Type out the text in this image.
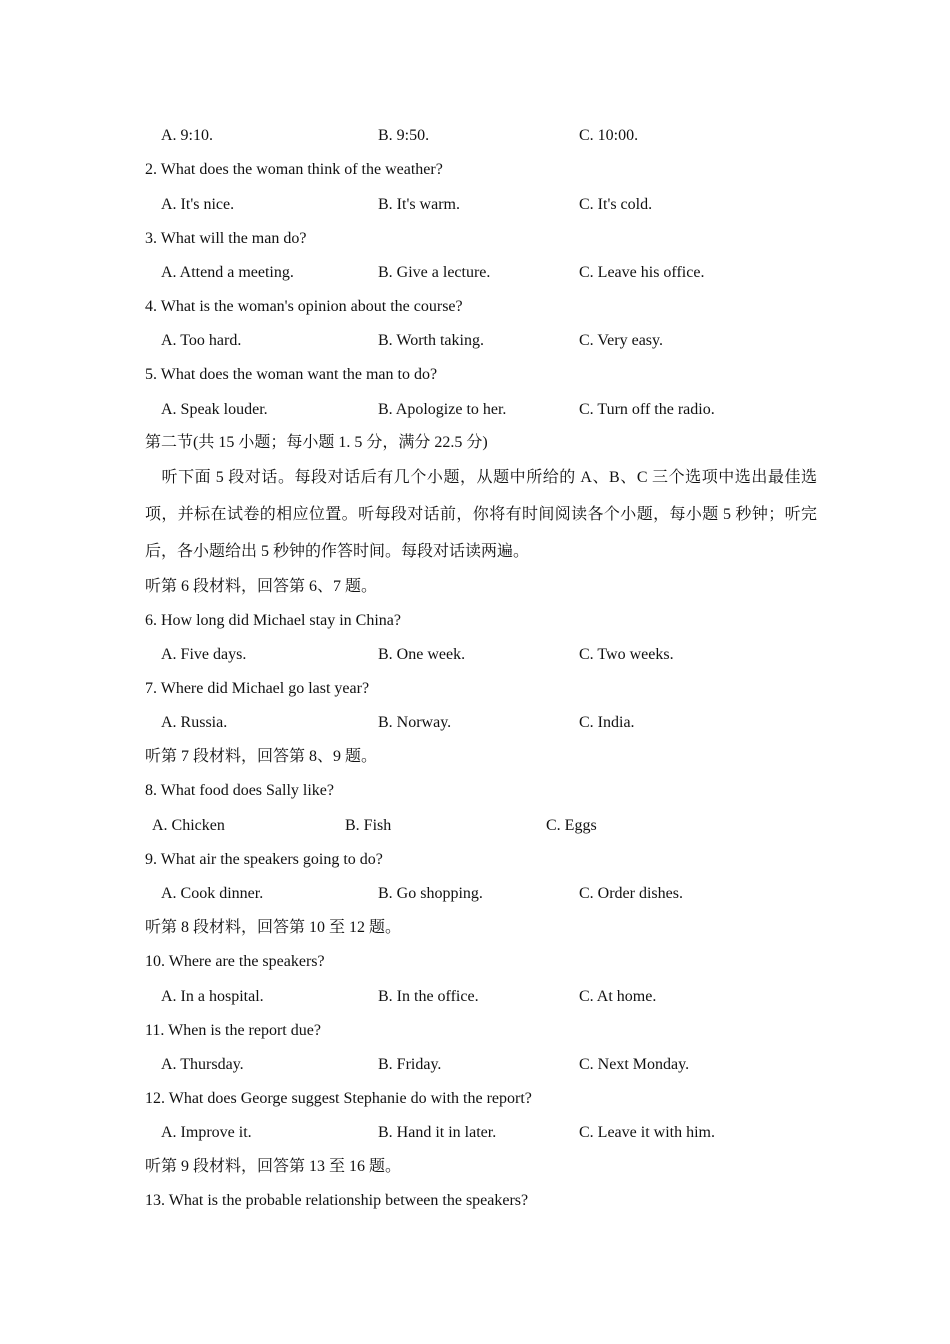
A. 9:10.	B. 9:50.	C. 10:00.
2. What does the woman think of the weather?
A. It's nice.	B. It's warm.	C. It's cold.
3. What will the man do?
A. Attend a meeting.	B. Give a lecture.	C. Leave his office.
4. What is the woman's opinion about the course?
A. Too hard.	B. Worth taking.	C. Very easy.
5. What does the woman want the man to do?
A. Speak louder.	B. Apologize to her.	C. Turn off the radio.
第二节(共 15 小题；每小题 1. 5 分，满分 22.5 分)
听下面 5 段对话。每段对话后有几个小题，从题中所给的 A、B、C 三个选项中选出最佳选项，并标在试卷的相应位置。听每段对话前，你将有时间阅读各个小题，每小题 5 秒钟；听完后，各小题给出 5 秒钟的作答时间。每段对话读两遍。
听第 6 段材料，回答第 6、7 题。
6. How long did Michael stay in China?
A. Five days.	B. One week.	C. Two weeks.
7. Where did Michael go last year?
A. Russia.	B. Norway.	C. India.
听第 7 段材料，回答第 8、9 题。
8. What food does Sally like?
A. Chicken	B. Fish	C. Eggs
9. What air the speakers going to do?
A. Cook dinner.	B. Go shopping.	C. Order dishes.
听第 8 段材料，回答第 10 至 12 题。
10. Where are the speakers?
A. In a hospital.	B. In the office.	C. At home.
11. When is the report due?
A. Thursday.	B. Friday.	C. Next Monday.
12. What does George suggest Stephanie do with the report?
A. Improve it.	B. Hand it in later.	C. Leave it with him.
听第 9 段材料，回答第 13 至 16 题。
13. What is the probable relationship between the speakers?
